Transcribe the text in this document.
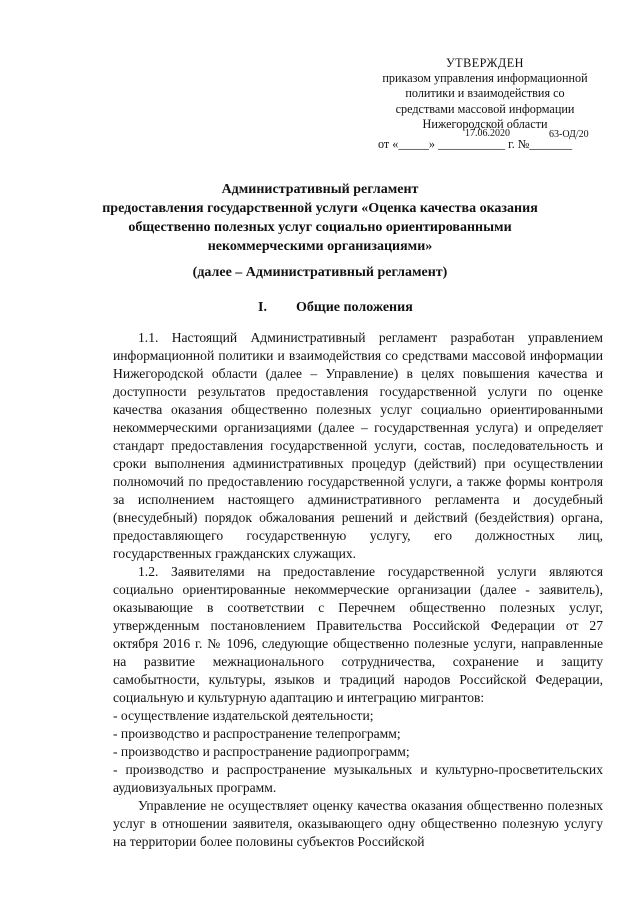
УТВЕРЖДЕН
приказом управления информационной
политики и взаимодействия со
средствами массовой информации
Нижегородской области
от «_____» ___________ г. №_______
17.06.2020	63-ОД/20
Административный регламент
предоставления государственной услуги «Оценка качества оказания
общественно полезных услуг социально ориентированными
некоммерческими организациями»
(далее – Административный регламент)
I. Общие положения

1.1. Настоящий Административный регламент разработан управлением информационной политики и взаимодействия со средствами массовой информации Нижегородской области (далее – Управление) в целях повышения качества и доступности результатов предоставления государственной услуги по оценке качества оказания общественно полезных услуг социально ориентированными некоммерческими организациями (далее – государственная услуга) и определяет стандарт предоставления государственной услуги, состав, последовательность и сроки выполнения административных процедур (действий) при осуществлении полномочий по предоставлению государственной услуги, а также формы контроля за исполнением настоящего административного регламента и досудебный (внесудебный) порядок обжалования решений и действий (бездействия) органа, предоставляющего государственную услугу, его должностных лиц, государственных гражданских служащих.

1.2. Заявителями на предоставление государственной услуги являются социально ориентированные некоммерческие организации (далее - заявитель), оказывающие в соответствии с Перечнем общественно полезных услуг, утвержденным постановлением Правительства Российской Федерации от 27 октября 2016 г. № 1096, следующие общественно полезные услуги, направленные на развитие межнационального сотрудничества, сохранение и защиту самобытности, культуры, языков и традиций народов Российской Федерации, социальную и культурную адаптацию и интеграцию мигрантов:

- осуществление издательской деятельности;

- производство и распространение телепрограмм;

- производство и распространение радиопрограмм;

- производство и распространение музыкальных и культурно-просветительских аудиовизуальных программ.

Управление не осуществляет оценку качества оказания общественно полезных услуг в отношении заявителя, оказывающего одну общественно полезную услугу на территории более половины субъектов Российской
